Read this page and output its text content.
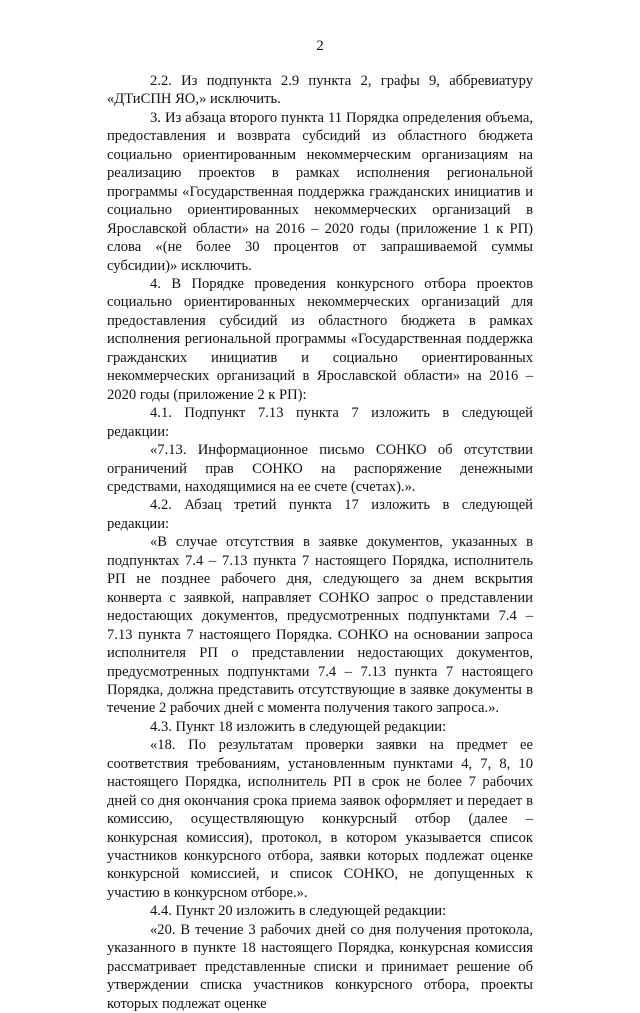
2

2.2. Из подпункта 2.9 пункта 2, графы 9, аббревиатуру «ДТиСПН ЯО,» исключить.

3. Из абзаца второго пункта 11 Порядка определения объема, предоставления и возврата субсидий из областного бюджета социально ориентированным некоммерческим организациям на реализацию проектов в рамках исполнения региональной программы «Государственная поддержка гражданских инициатив и социально ориентированных некоммерческих организаций в Ярославской области» на 2016 – 2020 годы (приложение 1 к РП) слова «(не более 30 процентов от запрашиваемой суммы субсидии)» исключить.

4. В Порядке проведения конкурсного отбора проектов социально ориентированных некоммерческих организаций для предоставления субсидий из областного бюджета в рамках исполнения региональной программы «Государственная поддержка гражданских инициатив и социально ориентированных некоммерческих организаций в Ярославской области» на 2016 – 2020 годы (приложение 2 к РП):

4.1. Подпункт 7.13 пункта 7 изложить в следующей редакции:

«7.13. Информационное письмо СОНКО об отсутствии ограничений прав СОНКО на распоряжение денежными средствами, находящимися на ее счете (счетах).».

4.2. Абзац третий пункта 17 изложить в следующей редакции:

«В случае отсутствия в заявке документов, указанных в подпунктах 7.4 – 7.13 пункта 7 настоящего Порядка, исполнитель РП не позднее рабочего дня, следующего за днем вскрытия конверта с заявкой, направляет СОНКО запрос о представлении недостающих документов, предусмотренных подпунктами 7.4 – 7.13 пункта 7 настоящего Порядка. СОНКО на основании запроса исполнителя РП о представлении недостающих документов, предусмотренных подпунктами 7.4 – 7.13 пункта 7 настоящего Порядка, должна представить отсутствующие в заявке документы в течение 2 рабочих дней с момента получения такого запроса.».

4.3. Пункт 18 изложить в следующей редакции:

«18. По результатам проверки заявки на предмет ее соответствия требованиям, установленным пунктами 4, 7, 8, 10 настоящего Порядка, исполнитель РП в срок не более 7 рабочих дней со дня окончания срока приема заявок оформляет и передает в комиссию, осуществляющую конкурсный отбор (далее – конкурсная комиссия), протокол, в котором указывается список участников конкурсного отбора, заявки которых подлежат оценке конкурсной комиссией, и список СОНКО, не допущенных к участию в конкурсном отборе.».

4.4. Пункт 20 изложить в следующей редакции:

«20. В течение 3 рабочих дней со дня получения протокола, указанного в пункте 18 настоящего Порядка, конкурсная комиссия рассматривает представленные списки и принимает решение об утверждении списка участников конкурсного отбора, проекты которых подлежат оценке
